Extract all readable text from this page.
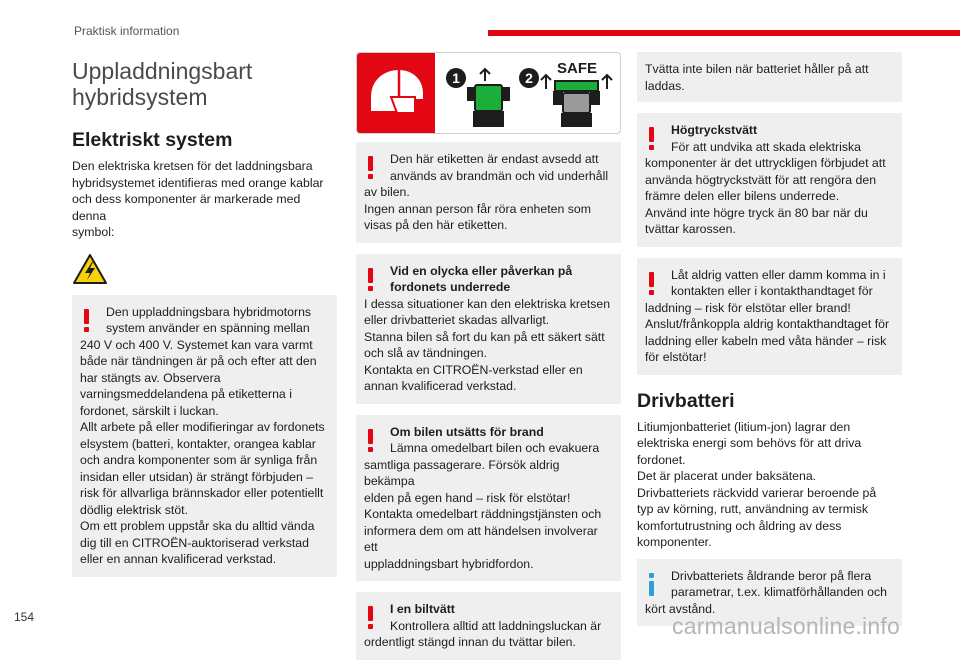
Praktisk information
Uppladdningsbart
hybridsystem
Elektriskt system

Den elektriska kretsen för det laddningsbara
hybridsystemet identifieras med orange kablar
och dess komponenter är markerade med denna
symbol:

Den uppladdningsbara hybridmotorns
system använder en spänning mellan
240 V och 400 V. Systemet kan vara varmt
både när tändningen är på och efter att den
har stängts av. Observera
varningsmeddelandena på etiketterna i
fordonet, särskilt i luckan.
Allt arbete på eller modifieringar av fordonets
elsystem (batteri, kontakter, orangea kablar
och andra komponenter som är synliga från
insidan eller utsidan) är strängt förbjuden –
risk för allvarliga brännskador eller potentiellt
dödlig elektrisk stöt.
Om ett problem uppstår ska du alltid vända
dig till en CITROËN-auktoriserad verkstad
eller en annan kvalificerad verkstad.

1	2
SAFE

Den här etiketten är endast avsedd att
används av brandmän och vid underhåll
av bilen.
Ingen annan person får röra enheten som
visas på den här etiketten.

Vid en olycka eller påverkan på
fordonets underrede
I dessa situationer kan den elektriska kretsen
eller drivbatteriet skadas allvarligt.
Stanna bilen så fort du kan på ett säkert sätt
och slå av tändningen.
Kontakta en CITROËN-verkstad eller en
annan kvalificerad verkstad.

Om bilen utsätts för brand
Lämna omedelbart bilen och evakuera
samtliga passagerare. Försök aldrig bekämpa
elden på egen hand – risk för elstötar!
Kontakta omedelbart räddningstjänsten och
informera dem om att händelsen involverar ett
uppladdningsbart hybridfordon.

I en biltvätt
Kontrollera alltid att laddningsluckan är
ordentligt stängd innan du tvättar bilen.

Tvätta inte bilen när batteriet håller på att
laddas.

Högtryckstvätt
För att undvika att skada elektriska
komponenter är det uttryckligen förbjudet att
använda högtryckstvätt för att rengöra den
främre delen eller bilens underrede.
Använd inte högre tryck än 80 bar när du
tvättar karossen.

Låt aldrig vatten eller damm komma in i
kontakten eller i kontakthandtaget för
laddning – risk för elstötar eller brand!
Anslut/frånkoppla aldrig kontakthandtaget för
laddning eller kabeln med våta händer – risk
för elstötar!

Drivbatteri

Litiumjonbatteriet (litium-jon) lagrar den
elektriska energi som behövs för att driva
fordonet.
Det är placerat under baksätena.
Drivbatteriets räckvidd varierar beroende på
typ av körning, rutt, användning av termisk
komfortutrustning och åldring av dess
komponenter.

Drivbatteriets åldrande beror på flera
parametrar, t.ex. klimatförhållanden och
kört avstånd.

154	carmanualsonline.info
